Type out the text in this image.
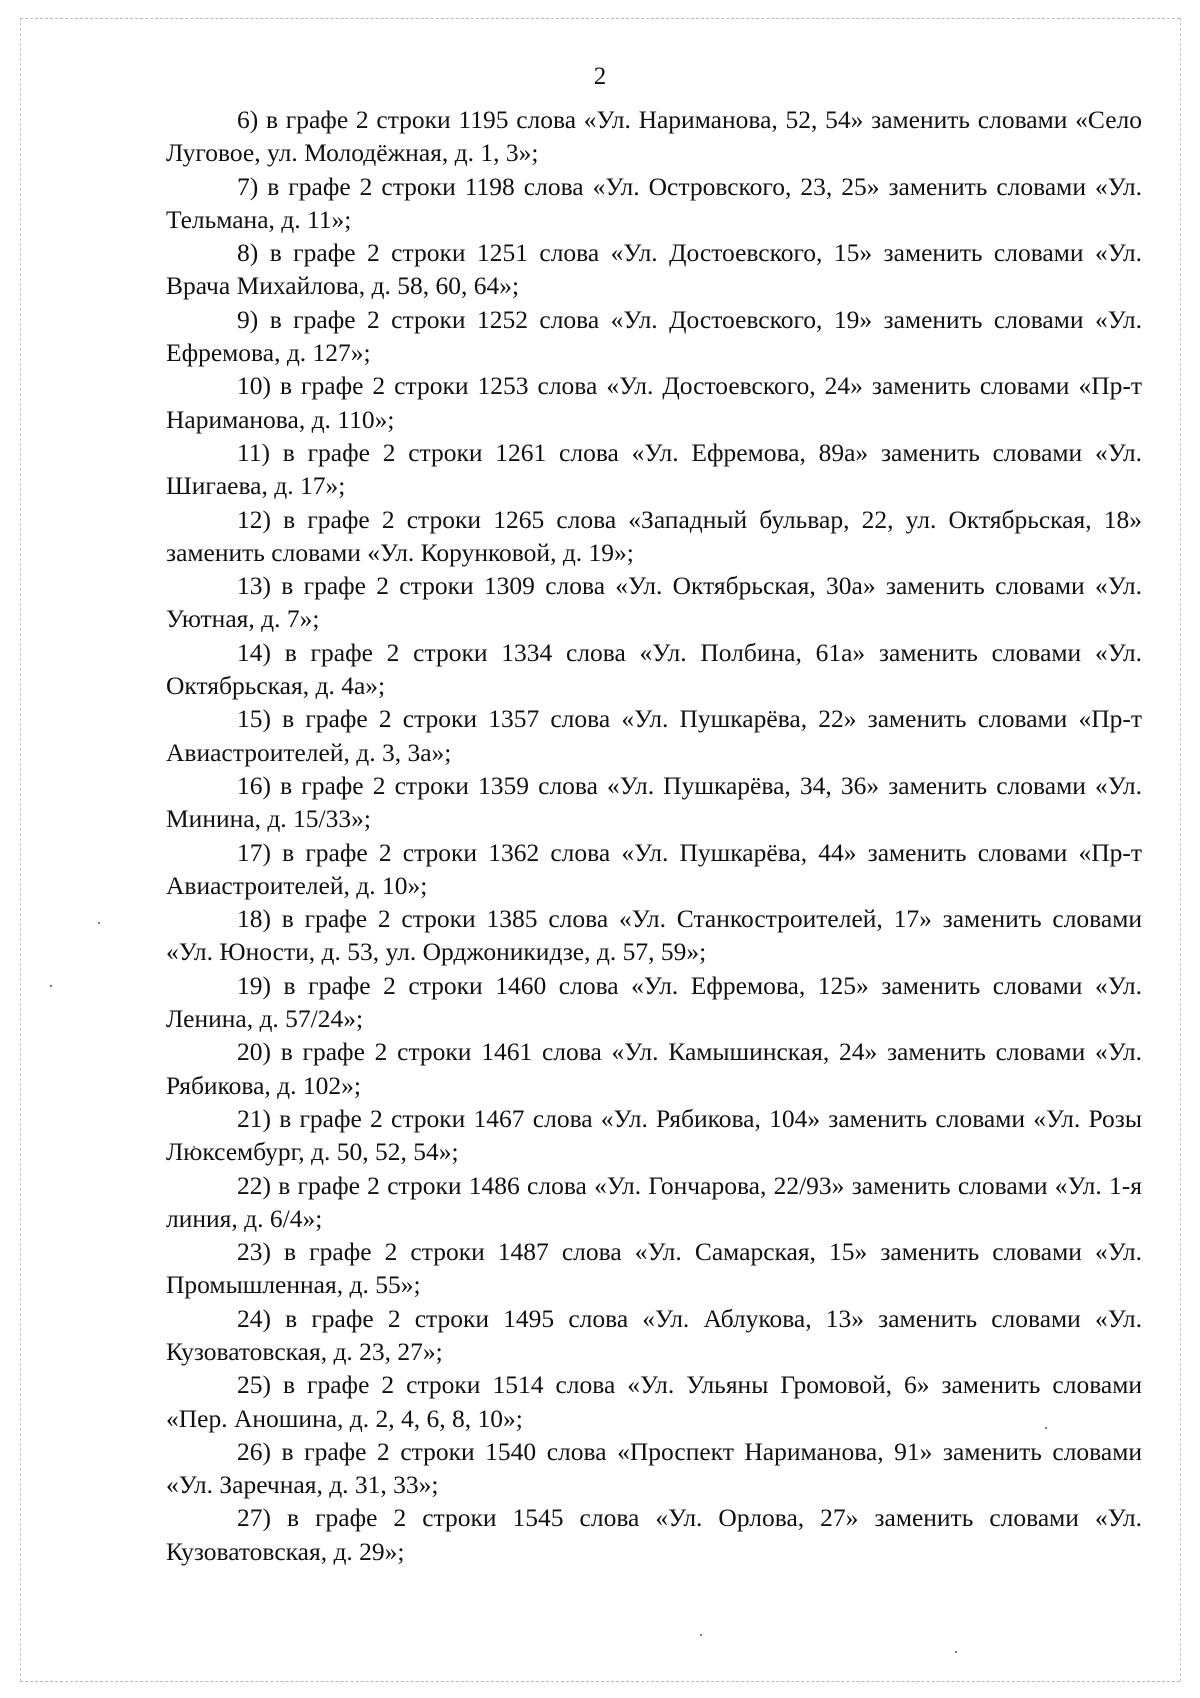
2

6) в графе 2 строки 1195 слова «Ул. Нариманова, 52, 54» заменить словами «Село Луговое, ул. Молодёжная, д. 1, 3»;

7) в графе 2 строки 1198 слова «Ул. Островского, 23, 25» заменить словами «Ул. Тельмана, д. 11»;

8) в графе 2 строки 1251 слова «Ул. Достоевского, 15» заменить словами «Ул. Врача Михайлова, д. 58, 60, 64»;

9) в графе 2 строки 1252 слова «Ул. Достоевского, 19» заменить словами «Ул. Ефремова, д. 127»;

10) в графе 2 строки 1253 слова «Ул. Достоевского, 24» заменить словами «Пр-т Нариманова, д. 110»;

11) в графе 2 строки 1261 слова «Ул. Ефремова, 89а» заменить словами «Ул. Шигаева, д. 17»;

12) в графе 2 строки 1265 слова «Западный бульвар, 22, ул. Октябрьская, 18» заменить словами «Ул. Корунковой, д. 19»;

13) в графе 2 строки 1309 слова «Ул. Октябрьская, 30а» заменить словами «Ул. Уютная, д. 7»;

14) в графе 2 строки 1334 слова «Ул. Полбина, 61а» заменить словами «Ул. Октябрьская, д. 4а»;

15) в графе 2 строки 1357 слова «Ул. Пушкарёва, 22» заменить словами «Пр-т Авиастроителей, д. 3, 3а»;

16) в графе 2 строки 1359 слова «Ул. Пушкарёва, 34, 36» заменить словами «Ул. Минина, д. 15/33»;

17) в графе 2 строки 1362 слова «Ул. Пушкарёва, 44» заменить словами «Пр-т Авиастроителей, д. 10»;

18) в графе 2 строки 1385 слова «Ул. Станкостроителей, 17» заменить словами «Ул. Юности, д. 53, ул. Орджоникидзе, д. 57, 59»;

19) в графе 2 строки 1460 слова «Ул. Ефремова, 125» заменить словами «Ул. Ленина, д. 57/24»;

20) в графе 2 строки 1461 слова «Ул. Камышинская, 24» заменить словами «Ул. Рябикова, д. 102»;

21) в графе 2 строки 1467 слова «Ул. Рябикова, 104» заменить словами «Ул. Розы Люксембург, д. 50, 52, 54»;

22) в графе 2 строки 1486 слова «Ул. Гончарова, 22/93» заменить словами «Ул. 1-я линия, д. 6/4»;

23) в графе 2 строки 1487 слова «Ул. Самарская, 15» заменить словами «Ул. Промышленная, д. 55»;

24) в графе 2 строки 1495 слова «Ул. Аблукова, 13» заменить словами «Ул. Кузоватовская, д. 23, 27»;

25) в графе 2 строки 1514 слова «Ул. Ульяны Громовой, 6» заменить словами «Пер. Аношина, д. 2, 4, 6, 8, 10»;

26) в графе 2 строки 1540 слова «Проспект Нариманова, 91» заменить словами «Ул. Заречная, д. 31, 33»;

27) в графе 2 строки 1545 слова «Ул. Орлова, 27» заменить словами «Ул. Кузоватовская, д. 29»;
